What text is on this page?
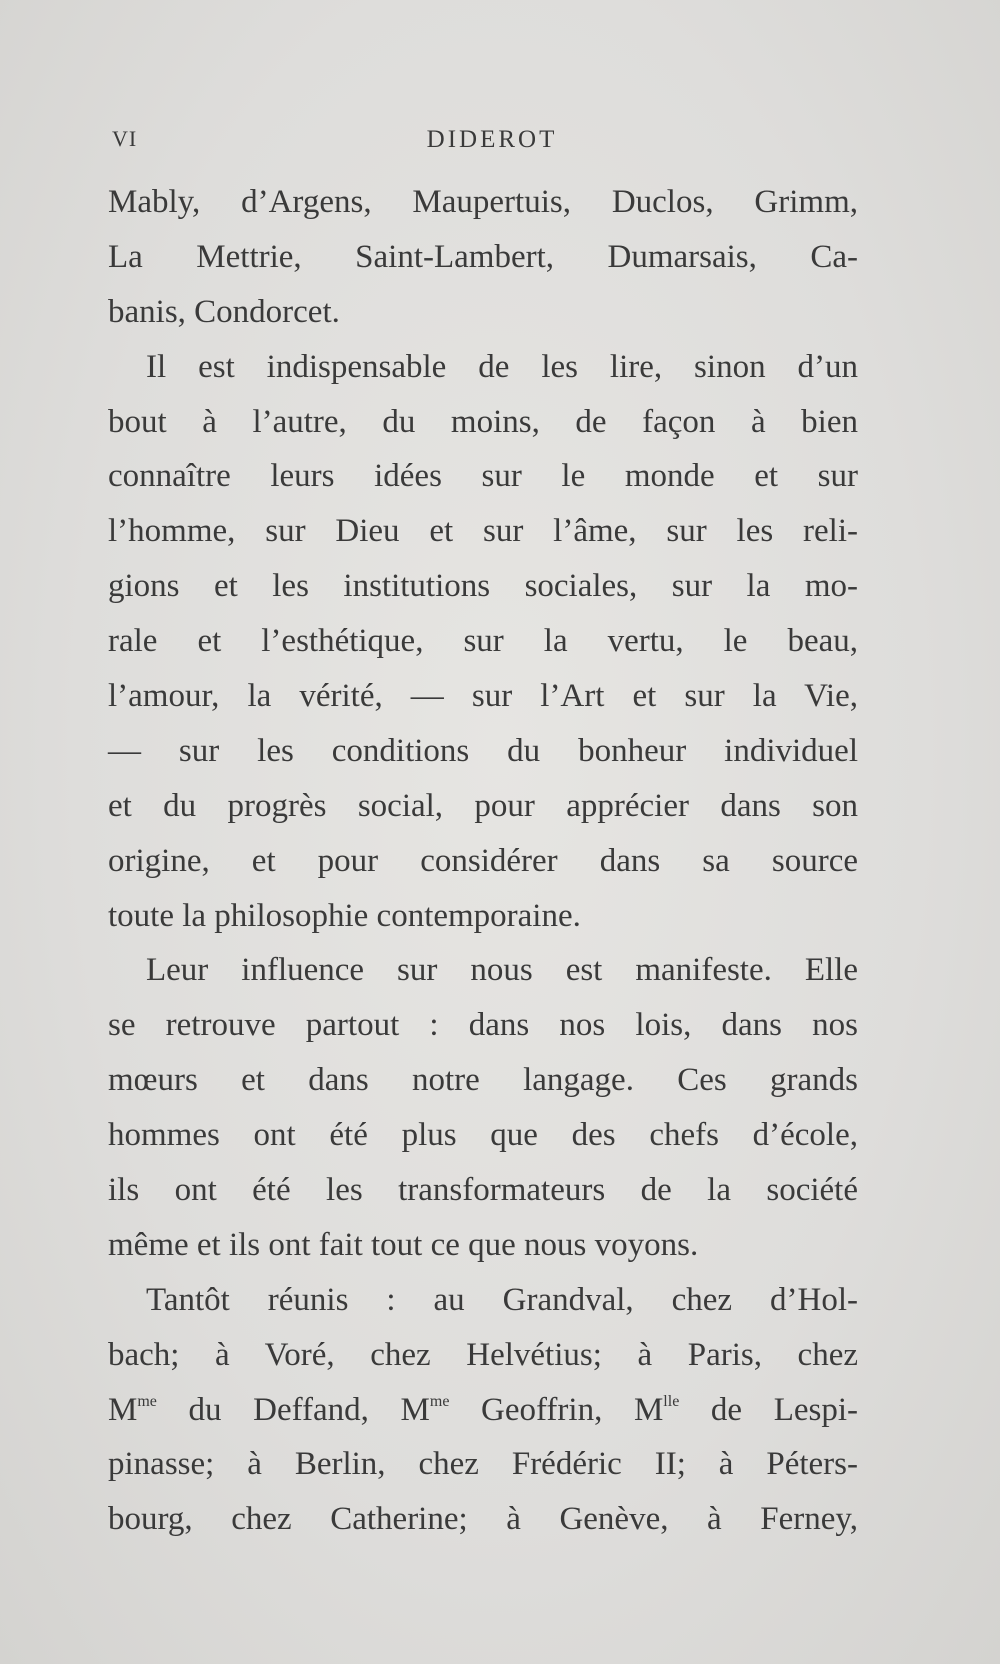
VI	DIDEROT
Mably, d’Argens, Maupertuis, Duclos, Grimm,
La Mettrie, Saint-Lambert, Dumarsais, Ca-
banis, Condorcet.
Il est indispensable de les lire, sinon d’un
bout à l’autre, du moins, de façon à bien
connaître leurs idées sur le monde et sur
l’homme, sur Dieu et sur l’âme, sur les reli-
gions et les institutions sociales, sur la mo-
rale et l’esthétique, sur la vertu, le beau,
l’amour, la vérité, — sur l’Art et sur la Vie,
— sur les conditions du bonheur individuel
et du progrès social, pour apprécier dans son
origine, et pour considérer dans sa source
toute la philosophie contemporaine.
Leur influence sur nous est manifeste. Elle
se retrouve partout : dans nos lois, dans nos
mœurs et dans notre langage. Ces grands
hommes ont été plus que des chefs d’école,
ils ont été les transformateurs de la société
même et ils ont fait tout ce que nous voyons.
Tantôt réunis : au Grandval, chez d’Hol-
bach; à Voré, chez Helvétius; à Paris, chez
$M^{me}$ du Deffand, $M^{me}$ Geoffrin, $M^{lle}$ de Lespi-
pinasse; à Berlin, chez Frédéric II; à Péters-
bourg, chez Catherine; à Genève, à Ferney,
